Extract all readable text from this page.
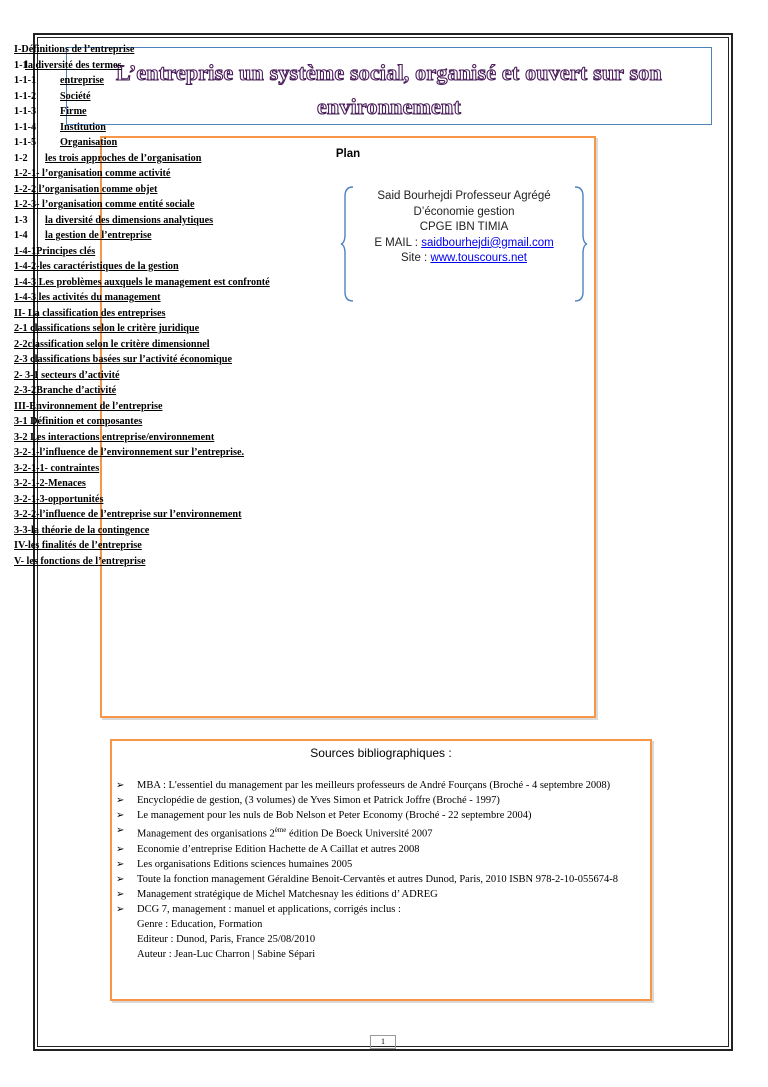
L’entreprise un système social, organisé et ouvert sur son
environnement
Plan
I-Définitions de l’entreprise
1-1la diversité des termes
1-1-1 entreprise
1-1-2 Société
1-1-3 Firme
1-1-4 Institution
1-1-5 Organisation
1-2 les trois approches de l’organisation
1-2-1- l’organisation comme activité
1-2-2 l’organisation comme objet
1-2-3- l’organisation comme entité sociale
1-3 la diversité des dimensions analytiques
1-4 la gestion de l’entreprise
1-4-1Principes clés
1-4-2-les caractéristiques de la gestion
1-4-3 Les problèmes auxquels le management est confronté
1-4-3 les activités du management
II- La classification des entreprises
2-1 classifications selon le critère juridique
2-2classification selon le critère dimensionnel
2-3 classifications basées sur l’activité économique
2- 3-1 secteurs d’activité
2-3-2Branche d’activité
III-Environnement de l’entreprise
3-1 Définition et composantes
3-2 Les interactions entreprise/environnement
3-2-1-l’influence de l’environnement sur l’entreprise.
3-2-1-1- contraintes
3-2-1-2-Menaces
3-2-1-3-opportunités
3-2-2-l’influence de l’entreprise sur l’environnement
3-3-la théorie de la contingence
IV-les finalités de l’entreprise
V- les fonctions de l’entreprise
Said Bourhejdi Professeur Agrégé
D’économie gestion
CPGE IBN TIMIA
E MAIL : saidbourhejdi@gmail.com
Site : www.touscours.net
Sources bibliographiques :
➢ MBA : L'essentiel du management par les meilleurs professeurs de André Fourçans (Broché - 4 septembre 2008)
➢ Encyclopédie de gestion, (3 volumes) de Yves Simon et Patrick Joffre (Broché - 1997)
➢ Le management pour les nuls de Bob Nelson et Peter Economy (Broché - 22 septembre 2004)
➢ Management des organisations 2ème édition De Boeck Université 2007
➢ Economie d’entreprise Edition Hachette de A Caillat et autres 2008
➢ Les organisations Editions sciences humaines 2005
➢ Toute la fonction management Géraldine Benoit-Cervantès et autres Dunod, Paris, 2010 ISBN 978-2-10-055674-8
➢ Management stratégique de Michel Matchesnay les éditions d’ ADREG
➢ DCG 7, management : manuel et applications, corrigés inclus :
Genre : Education, Formation
Editeur : Dunod, Paris, France 25/08/2010
Auteur : Jean-Luc Charron | Sabine Sépari
1
